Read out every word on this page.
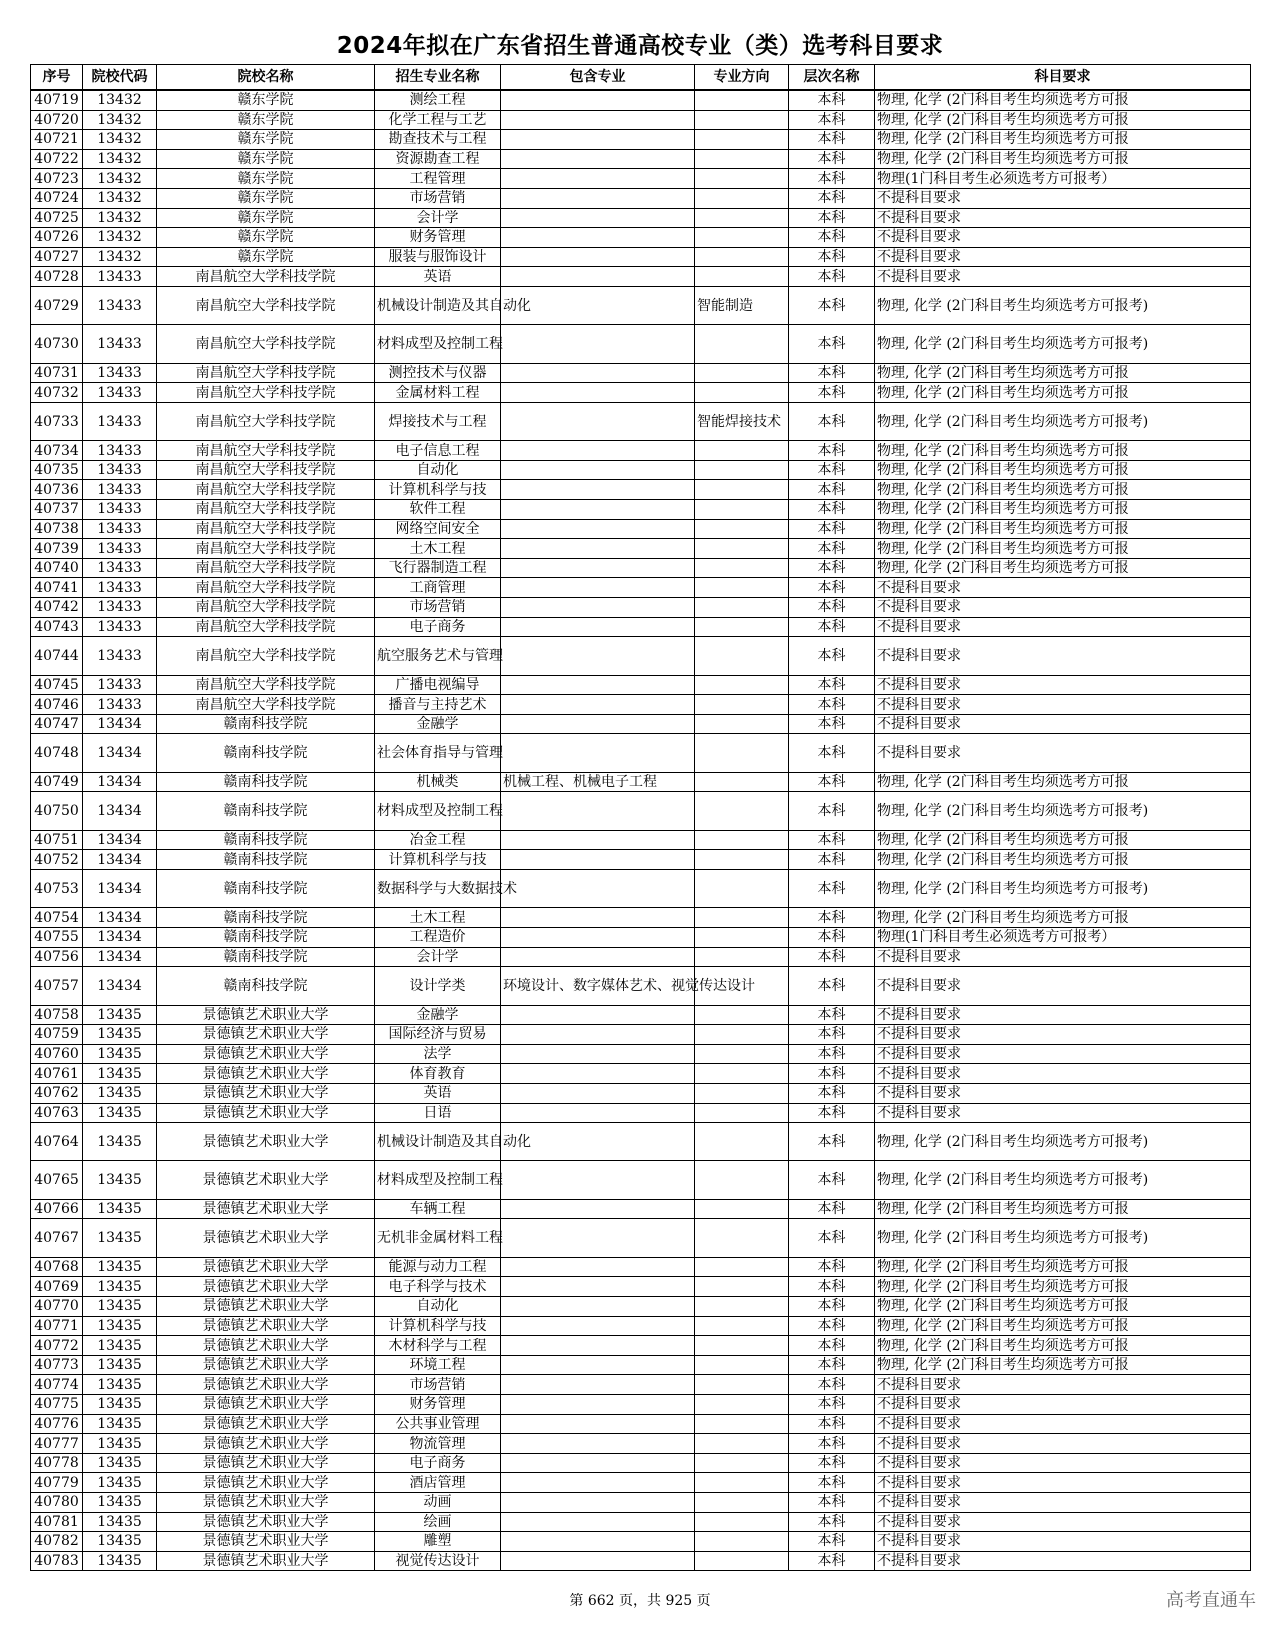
2024年拟在广东省招生普通高校专业（类）选考科目要求
序号	院校代码	院校名称	招生专业名称	包含专业	专业方向	层次名称	科目要求
40719	13432	赣东学院	测绘工程			本科	物理, 化学 (2门科目考生均须选考方可报
40720	13432	赣东学院	化学工程与工艺			本科	物理, 化学 (2门科目考生均须选考方可报
40721	13432	赣东学院	勘查技术与工程			本科	物理, 化学 (2门科目考生均须选考方可报
40722	13432	赣东学院	资源勘查工程			本科	物理, 化学 (2门科目考生均须选考方可报
40723	13432	赣东学院	工程管理			本科	物理(1门科目考生必须选考方可报考）
40724	13432	赣东学院	市场营销			本科	不提科目要求
40725	13432	赣东学院	会计学			本科	不提科目要求
40726	13432	赣东学院	财务管理			本科	不提科目要求
40727	13432	赣东学院	服装与服饰设计			本科	不提科目要求
40728	13433	南昌航空大学科技学院	英语			本科	不提科目要求
40729	13433	南昌航空大学科技学院	机械设计制造及其自动化		智能制造	本科	物理, 化学 (2门科目考生均须选考方可报考)
40730	13433	南昌航空大学科技学院	材料成型及控制工程			本科	物理, 化学 (2门科目考生均须选考方可报考)
40731	13433	南昌航空大学科技学院	测控技术与仪器			本科	物理, 化学 (2门科目考生均须选考方可报
40732	13433	南昌航空大学科技学院	金属材料工程			本科	物理, 化学 (2门科目考生均须选考方可报
40733	13433	南昌航空大学科技学院	焊接技术与工程		智能焊接技术	本科	物理, 化学 (2门科目考生均须选考方可报考)
40734	13433	南昌航空大学科技学院	电子信息工程			本科	物理, 化学 (2门科目考生均须选考方可报
40735	13433	南昌航空大学科技学院	自动化			本科	物理, 化学 (2门科目考生均须选考方可报
40736	13433	南昌航空大学科技学院	计算机科学与技			本科	物理, 化学 (2门科目考生均须选考方可报
40737	13433	南昌航空大学科技学院	软件工程			本科	物理, 化学 (2门科目考生均须选考方可报
40738	13433	南昌航空大学科技学院	网络空间安全			本科	物理, 化学 (2门科目考生均须选考方可报
40739	13433	南昌航空大学科技学院	土木工程			本科	物理, 化学 (2门科目考生均须选考方可报
40740	13433	南昌航空大学科技学院	飞行器制造工程			本科	物理, 化学 (2门科目考生均须选考方可报
40741	13433	南昌航空大学科技学院	工商管理			本科	不提科目要求
40742	13433	南昌航空大学科技学院	市场营销			本科	不提科目要求
40743	13433	南昌航空大学科技学院	电子商务			本科	不提科目要求
40744	13433	南昌航空大学科技学院	航空服务艺术与管理			本科	不提科目要求
40745	13433	南昌航空大学科技学院	广播电视编导			本科	不提科目要求
40746	13433	南昌航空大学科技学院	播音与主持艺术			本科	不提科目要求
40747	13434	赣南科技学院	金融学			本科	不提科目要求
40748	13434	赣南科技学院	社会体育指导与管理			本科	不提科目要求
40749	13434	赣南科技学院	机械类	机械工程、机械电子工程		本科	物理, 化学 (2门科目考生均须选考方可报
40750	13434	赣南科技学院	材料成型及控制工程			本科	物理, 化学 (2门科目考生均须选考方可报考)
40751	13434	赣南科技学院	冶金工程			本科	物理, 化学 (2门科目考生均须选考方可报
40752	13434	赣南科技学院	计算机科学与技			本科	物理, 化学 (2门科目考生均须选考方可报
40753	13434	赣南科技学院	数据科学与大数据技术			本科	物理, 化学 (2门科目考生均须选考方可报考)
40754	13434	赣南科技学院	土木工程			本科	物理, 化学 (2门科目考生均须选考方可报
40755	13434	赣南科技学院	工程造价			本科	物理(1门科目考生必须选考方可报考）
40756	13434	赣南科技学院	会计学			本科	不提科目要求
40757	13434	赣南科技学院	设计学类	环境设计、数字媒体艺术、视觉传达设计		本科	不提科目要求
40758	13435	景德镇艺术职业大学	金融学			本科	不提科目要求
40759	13435	景德镇艺术职业大学	国际经济与贸易			本科	不提科目要求
40760	13435	景德镇艺术职业大学	法学			本科	不提科目要求
40761	13435	景德镇艺术职业大学	体育教育			本科	不提科目要求
40762	13435	景德镇艺术职业大学	英语			本科	不提科目要求
40763	13435	景德镇艺术职业大学	日语			本科	不提科目要求
40764	13435	景德镇艺术职业大学	机械设计制造及其自动化			本科	物理, 化学 (2门科目考生均须选考方可报考)
40765	13435	景德镇艺术职业大学	材料成型及控制工程			本科	物理, 化学 (2门科目考生均须选考方可报考)
40766	13435	景德镇艺术职业大学	车辆工程			本科	物理, 化学 (2门科目考生均须选考方可报
40767	13435	景德镇艺术职业大学	无机非金属材料工程			本科	物理, 化学 (2门科目考生均须选考方可报考)
40768	13435	景德镇艺术职业大学	能源与动力工程			本科	物理, 化学 (2门科目考生均须选考方可报
40769	13435	景德镇艺术职业大学	电子科学与技术			本科	物理, 化学 (2门科目考生均须选考方可报
40770	13435	景德镇艺术职业大学	自动化			本科	物理, 化学 (2门科目考生均须选考方可报
40771	13435	景德镇艺术职业大学	计算机科学与技			本科	物理, 化学 (2门科目考生均须选考方可报
40772	13435	景德镇艺术职业大学	木材科学与工程			本科	物理, 化学 (2门科目考生均须选考方可报
40773	13435	景德镇艺术职业大学	环境工程			本科	物理, 化学 (2门科目考生均须选考方可报
40774	13435	景德镇艺术职业大学	市场营销			本科	不提科目要求
40775	13435	景德镇艺术职业大学	财务管理			本科	不提科目要求
40776	13435	景德镇艺术职业大学	公共事业管理			本科	不提科目要求
40777	13435	景德镇艺术职业大学	物流管理			本科	不提科目要求
40778	13435	景德镇艺术职业大学	电子商务			本科	不提科目要求
40779	13435	景德镇艺术职业大学	酒店管理			本科	不提科目要求
40780	13435	景德镇艺术职业大学	动画			本科	不提科目要求
40781	13435	景德镇艺术职业大学	绘画			本科	不提科目要求
40782	13435	景德镇艺术职业大学	雕塑			本科	不提科目要求
40783	13435	景德镇艺术职业大学	视觉传达设计			本科	不提科目要求
第 662 页，共 925 页	高考直通车
